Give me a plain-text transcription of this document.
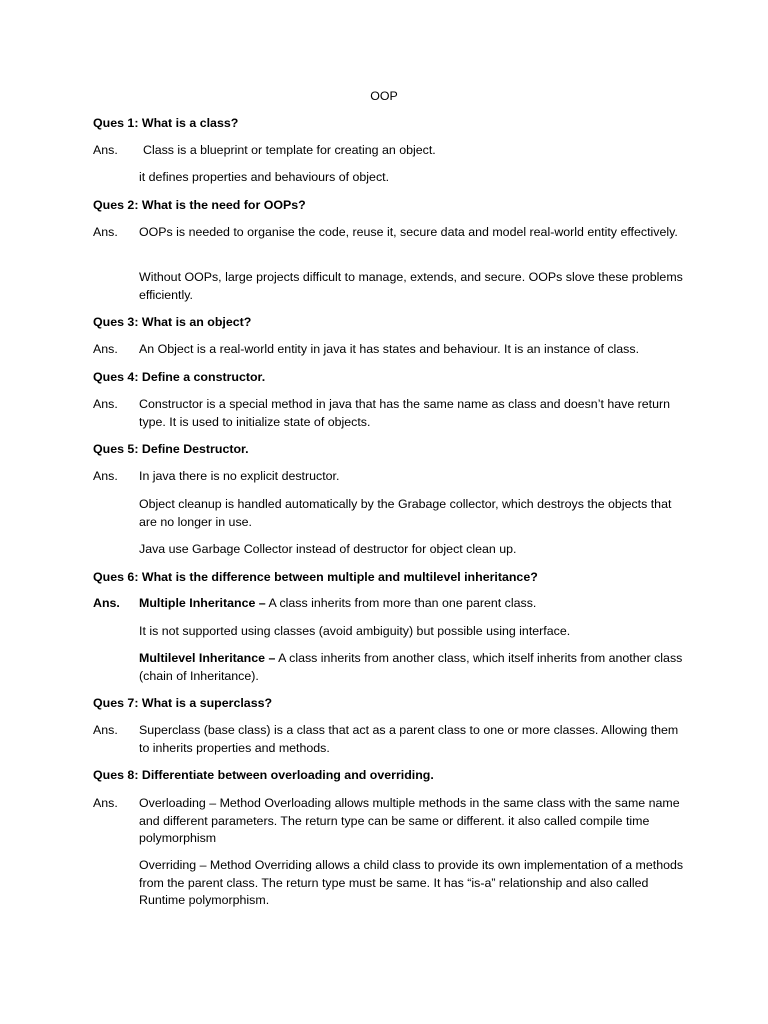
OOP
Ques 1: What is a class?
Ans. Class is a blueprint or template for creating an object.
it defines properties and behaviours of object.
Ques 2: What is the need for OOPs?
Ans. OOPs is needed to organise the code, reuse it, secure data and model real-world entity effectively.
Without OOPs, large projects difficult to manage, extends, and secure. OOPs slove these problems efficiently.
Ques 3: What is an object?
Ans. An Object is a real-world entity in java it has states and behaviour. It is an instance of class.
Ques 4: Define a constructor.
Ans. Constructor is a special method in java that has the same name as class and doesn’t have return type. It is used to initialize state of objects.
Ques 5: Define Destructor.
Ans. In java there is no explicit destructor.
Object cleanup is handled automatically by the Grabage collector, which destroys the objects that are no longer in use.
Java use Garbage Collector instead of destructor for object clean up.
Ques 6: What is the difference between multiple and multilevel inheritance?
Ans. Multiple Inheritance – A class inherits from more than one parent class.
It is not supported using classes (avoid ambiguity) but possible using interface.
Multilevel Inheritance – A class inherits from another class, which itself inherits from another class (chain of Inheritance).
Ques 7: What is a superclass?
Ans. Superclass (base class) is a class that act as a parent class to one or more classes. Allowing them to inherits properties and methods.
Ques 8: Differentiate between overloading and overriding.
Ans. Overloading – Method Overloading allows multiple methods in the same class with the same name and different parameters. The return type can be same or different. it also called compile time polymorphism
Overriding – Method Overriding allows a child class to provide its own implementation of a methods from the parent class. The return type must be same. It has “is-a” relationship and also called Runtime polymorphism.
